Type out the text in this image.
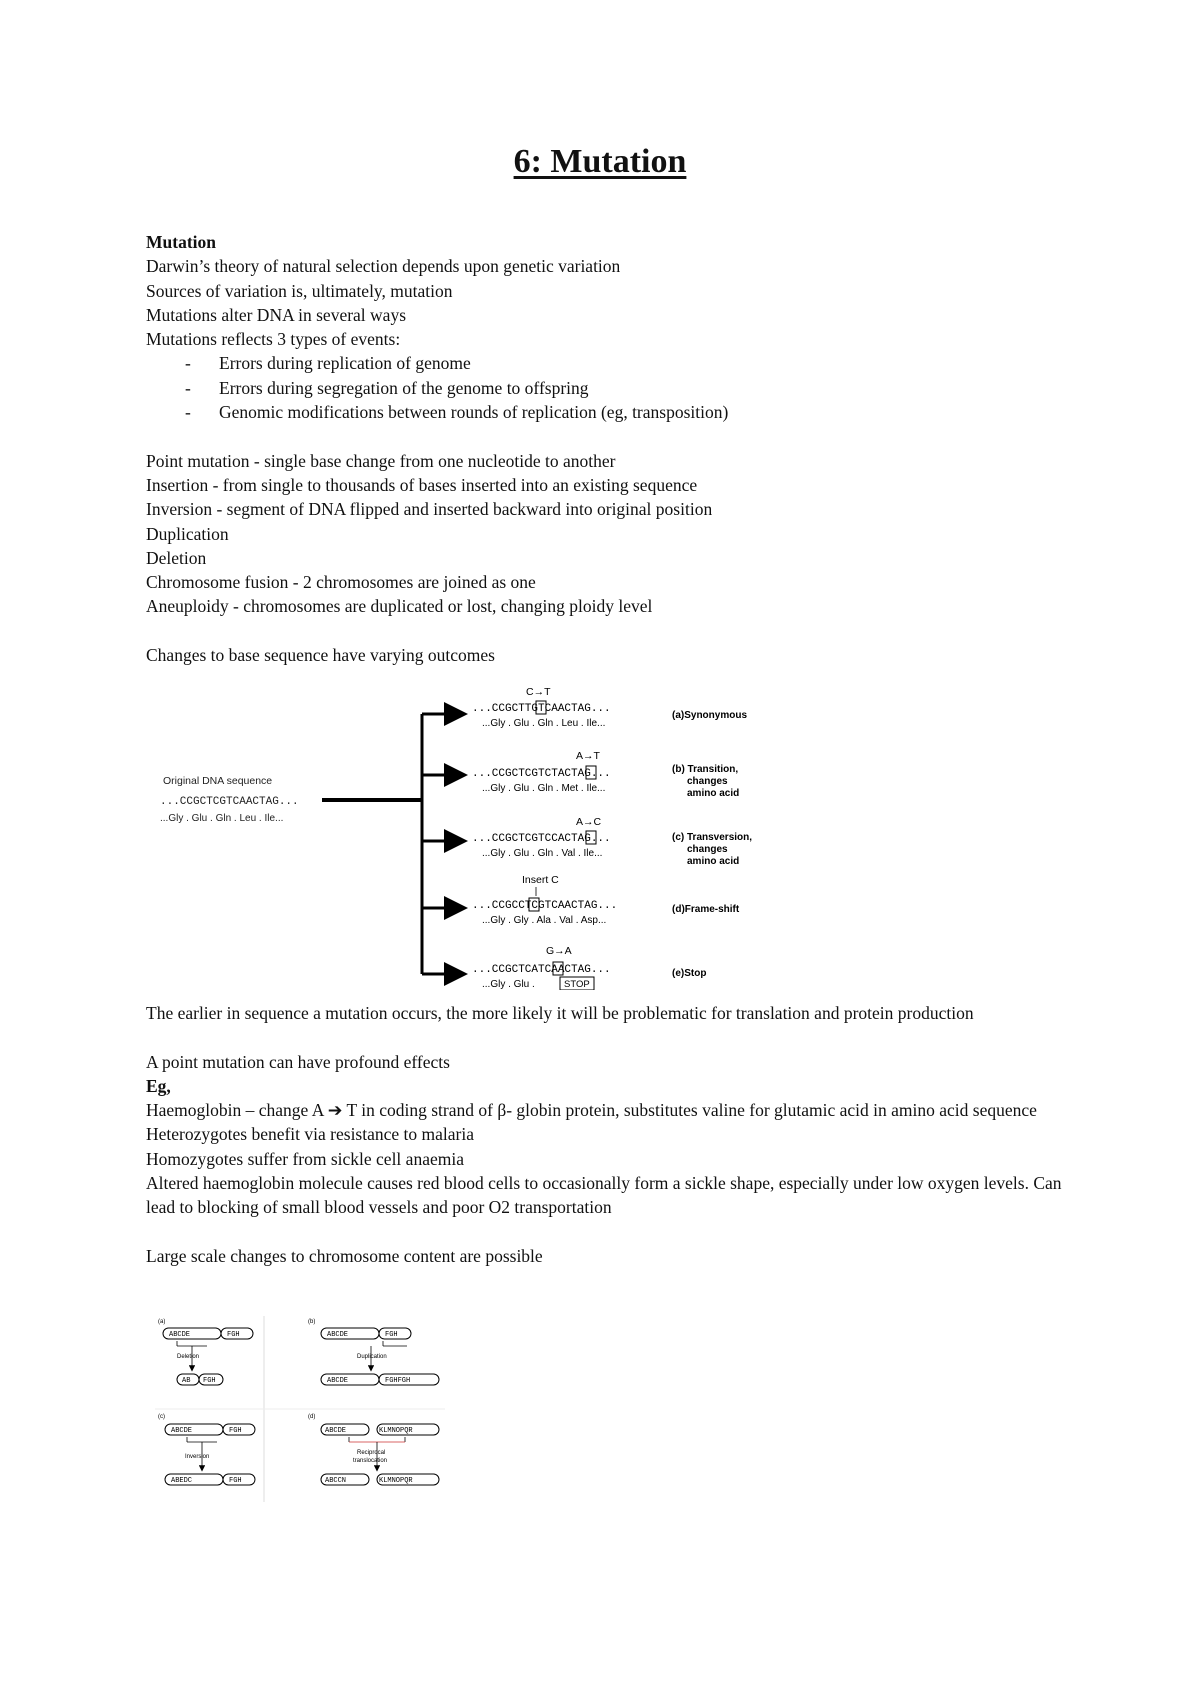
6: Mutation

Mutation

Darwin’s theory of natural selection depends upon genetic variation

Sources of variation is, ultimately, mutation

Mutations alter DNA in several ways

Mutations reflects 3 types of events:

- Errors during replication of genome
- Errors during segregation of the genome to offspring
- Genomic modifications between rounds of replication (eg, transposition)

Point mutation - single base change from one nucleotide to another

Insertion - from single to thousands of bases inserted into an existing sequence

Inversion - segment of DNA flipped and inserted backward into original position

Duplication

Deletion

Chromosome fusion - 2 chromosomes are joined as one

Aneuploidy - chromosomes are duplicated or lost, changing ploidy level

Changes to base sequence have varying outcomes

Original DNA sequence
...CCGCTCGTCAACTAG...
...Gly . Glu . Gln . Leu . Ile...
C→T
...CCGCTTGTCAACTAG...
...Gly . Glu . Gln . Leu . Ile...
(a)Synonymous
A→T
...CCGCTCGTCTACTAG...
...Gly . Glu . Gln . Met . Ile...
(b) Transition,
changes
amino acid
A→C
...CCGCTCGTCCACTAG...
...Gly . Glu . Gln . Val . Ile...
(c) Transversion,
changes
amino acid
Insert C
...CCGCCTCGTCAACTAG...
...Gly . Gly . Ala . Val . Asp...
(d)Frame-shift
G→A
...CCGCTCATCAACTAG...
...Gly . Glu .	STOP
(e)Stop

The earlier in sequence a mutation occurs, the more likely it will be problematic for translation and protein production

A point mutation can have profound effects

Eg,

Haemoglobin – change A ➔ T in coding strand of β- globin protein, substitutes valine for glutamic acid in amino acid sequence

Heterozygotes benefit via resistance to malaria

Homozygotes suffer from sickle cell anaemia

Altered haemoglobin molecule causes red blood cells to occasionally form a sickle shape, especially under low oxygen levels. Can lead to blocking of small blood vessels and poor O2 transportation

Large scale changes to chromosome content are possible

(a)
ABCDE	FGH
Deletion
AB FGH
(b)
ABCDE	FGH
Duplication
ABCDE	FGHFGH
(c)
ABCDE	FGH
Inversion
ABEDC	FGH
(d)
ABCDE	KLMNOPQR
Reciprocal
translocation
ABCCN	KLMNOPQR
